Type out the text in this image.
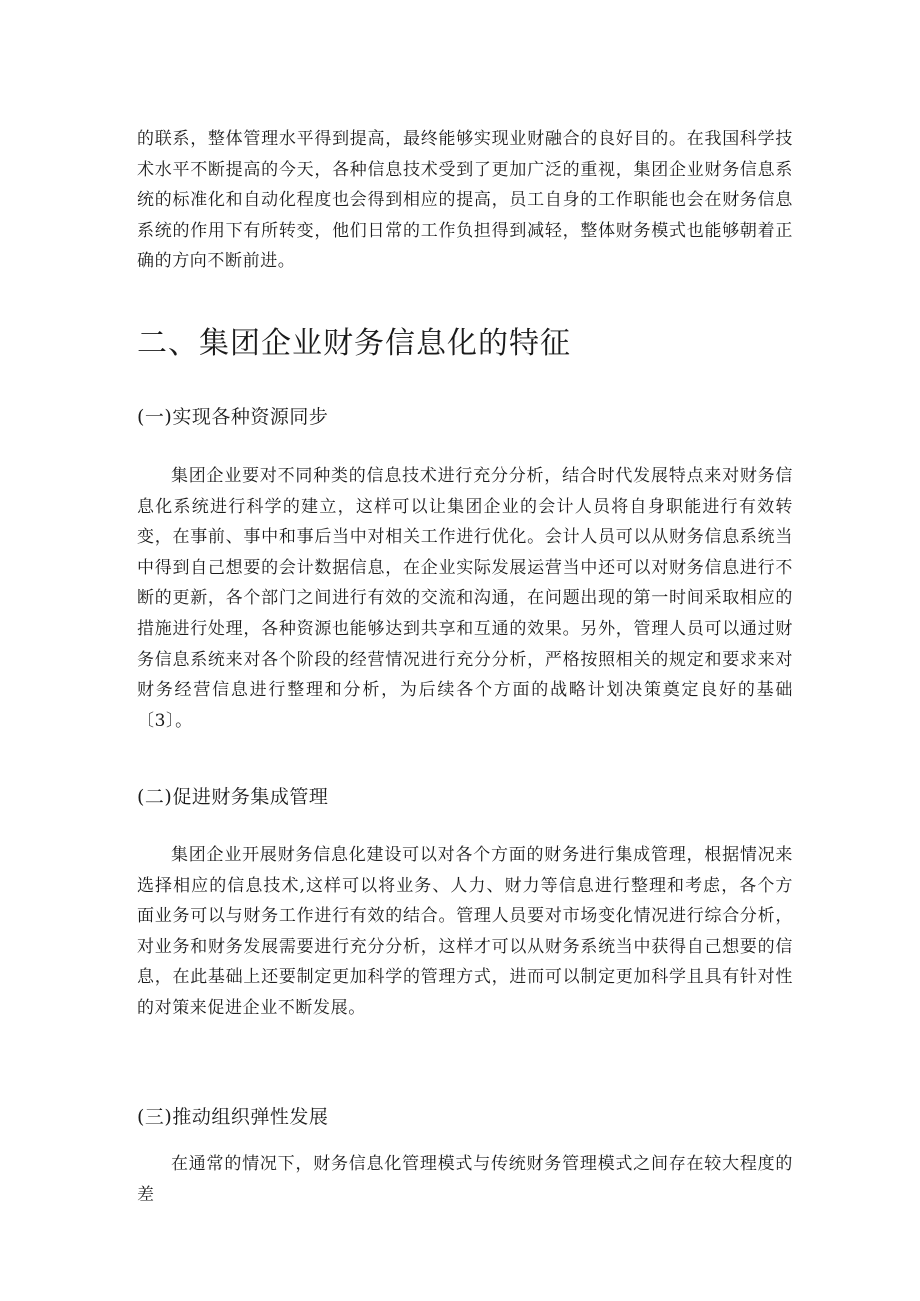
的联系，整体管理水平得到提高，最终能够实现业财融合的良好目的。在我国科学技术水平不断提高的今天，各种信息技术受到了更加广泛的重视，集团企业财务信息系统的标准化和自动化程度也会得到相应的提高，员工自身的工作职能也会在财务信息系统的作用下有所转变，他们日常的工作负担得到减轻，整体财务模式也能够朝着正确的方向不断前进。

二、集团企业财务信息化的特征
(一)实现各种资源同步

集团企业要对不同种类的信息技术进行充分分析，结合时代发展特点来对财务信息化系统进行科学的建立，这样可以让集团企业的会计人员将自身职能进行有效转变，在事前、事中和事后当中对相关工作进行优化。会计人员可以从财务信息系统当中得到自己想要的会计数据信息，在企业实际发展运营当中还可以对财务信息进行不断的更新，各个部门之间进行有效的交流和沟通，在问题出现的第一时间采取相应的措施进行处理，各种资源也能够达到共享和互通的效果。另外，管理人员可以通过财务信息系统来对各个阶段的经营情况进行充分分析，严格按照相关的规定和要求来对财务经营信息进行整理和分析，为后续各个方面的战略计划决策奠定良好的基础〔3〕。

(二)促进财务集成管理

集团企业开展财务信息化建设可以对各个方面的财务进行集成管理，根据情况来选择相应的信息技术,这样可以将业务、人力、财力等信息进行整理和考虑，各个方面业务可以与财务工作进行有效的结合。管理人员要对市场变化情况进行综合分析，对业务和财务发展需要进行充分分析，这样才可以从财务系统当中获得自己想要的信息，在此基础上还要制定更加科学的管理方式，进而可以制定更加科学且具有针对性的对策来促进企业不断发展。

(三)推动组织弹性发展

在通常的情况下，财务信息化管理模式与传统财务管理模式之间存在较大程度的差
